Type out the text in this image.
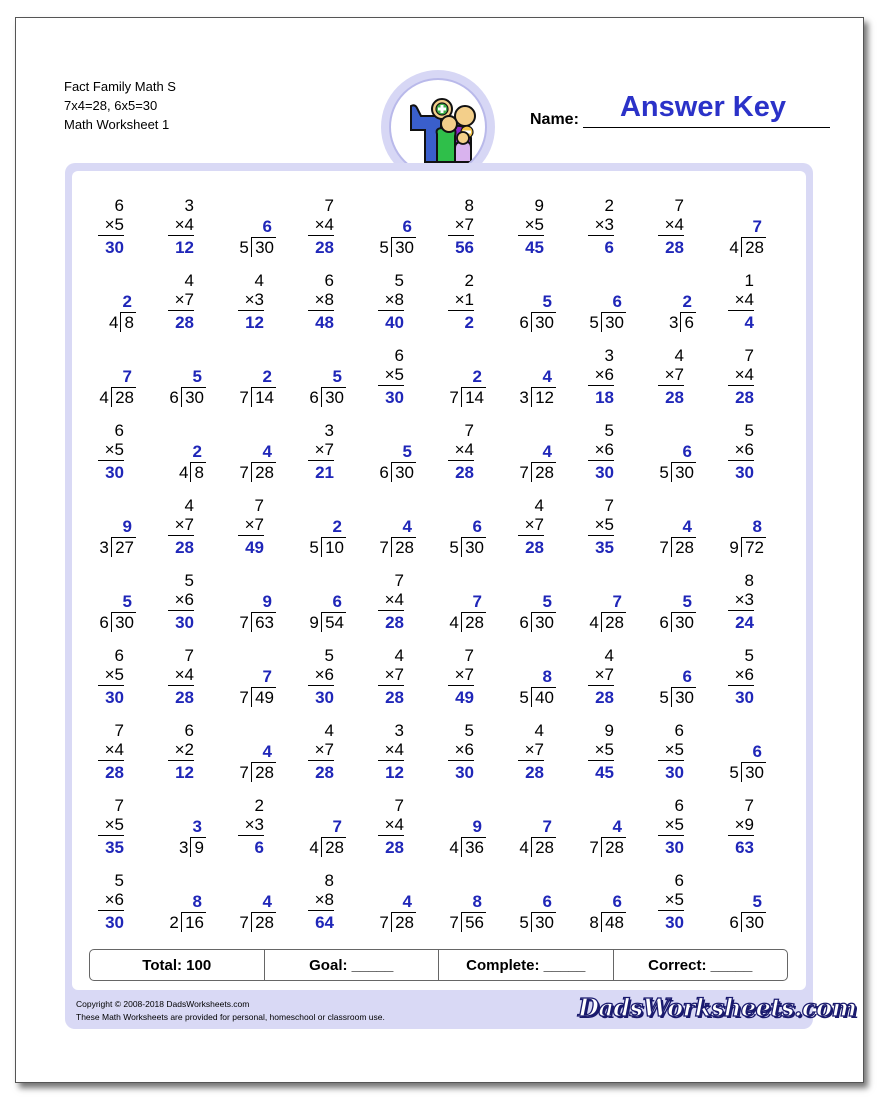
Fact Family Math S
7x4=28, 6x5=30
Math Worksheet 1	Name:	Answer Key
6
×5
30
3
×4
12
6
5 30
7
×4
28
6
5 30
8
×7
56
9
×5
45
2
×3
6
7
×4
28
7
4 28
2
4 8
4
×7
28
4
×3
12
6
×8
48
5
×8
40
2
×1
2
5
6 30
6
5 30
2
3 6
1
×4
4
7
4 28
5
6 30
2
7 14
5
6 30
6
×5
30
2
7 14
4
3 12
3
×6
18
4
×7
28
7
×4
28
6
×5
30
2
4 8
4
7 28
3
×7
21
5
6 30
7
×4
28
4
7 28
5
×6
30
6
5 30
5
×6
30
9
3 27
4
×7
28
7
×7
49
2
5 10
4
7 28
6
5 30
4
×7
28
7
×5
35
4
7 28
8
9 72
5
6 30
5
×6
30
9
7 63
6
9 54
7
×4
28
7
4 28
5
6 30
7
4 28
5
6 30
8
×3
24
6
×5
30
7
×4
28
7
7 49
5
×6
30
4
×7
28
7
×7
49
8
5 40
4
×7
28
6
5 30
5
×6
30
7
×4
28
6
×2
12
4
7 28
4
×7
28
3
×4
12
5
×6
30
4
×7
28
9
×5
45
6
×5
30
6
5 30
7
×5
35
3
3 9
2
×3
6
7
4 28
7
×4
28
9
4 36
7
4 28
4
7 28
6
×5
30
7
×9
63
5
×6
30
8
2 16
4
7 28
8
×8
64
4
7 28
8
7 56
6
5 30
6
8 48
6
×5
30
5
6 30
Total: 100	Goal: _____	Complete: _____	Correct: _____
Copyright © 2008-2018 DadsWorksheets.com
These Math Worksheets are provided for personal, homeschool or classroom use.	DadsWorksheets.com
